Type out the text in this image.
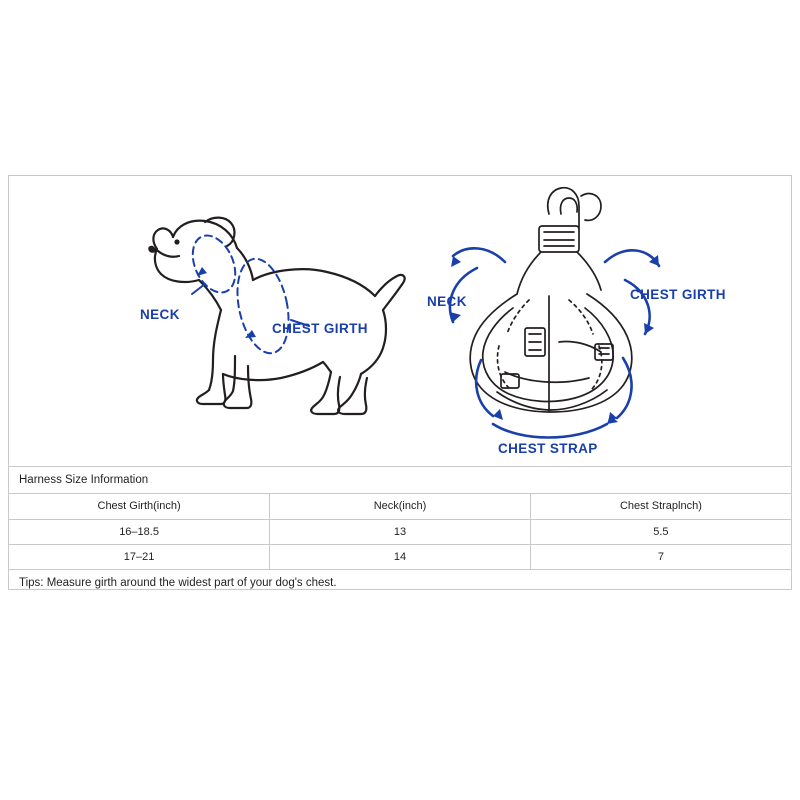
NECK
CHEST GIRTH
NECK	CHEST GIRTH
CHEST STRAP
Harness Size Information
Chest Girth(inch)	Neck(inch)	Chest Straplnch)
16–18.5	13	5.5
17–21	14	7
Tips: Measure girth around the widest part of your dog's chest.
